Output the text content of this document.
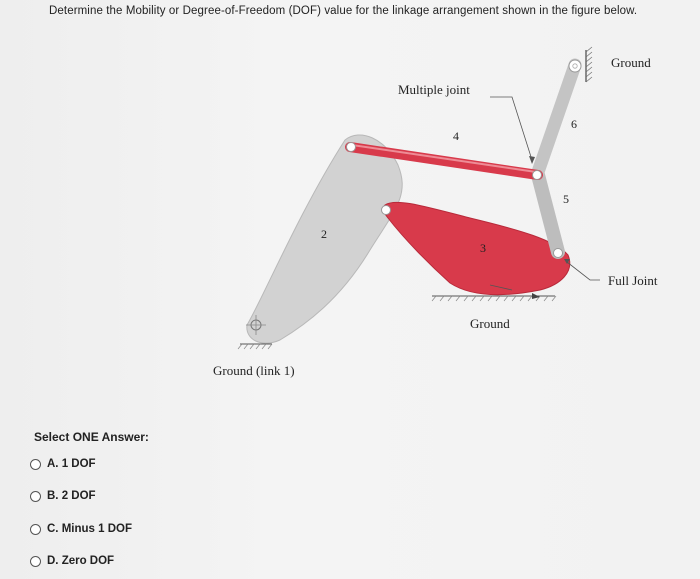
Determine the Mobility or Degree-of-Freedom (DOF) value for the linkage arrangement shown in the figure below.
Ground
Multiple joint
Full Joint
Ground
Ground (link 1)
2
3
4
5
6
Select ONE Answer:
A. 1 DOF
B. 2 DOF
C. Minus 1 DOF
D. Zero DOF
